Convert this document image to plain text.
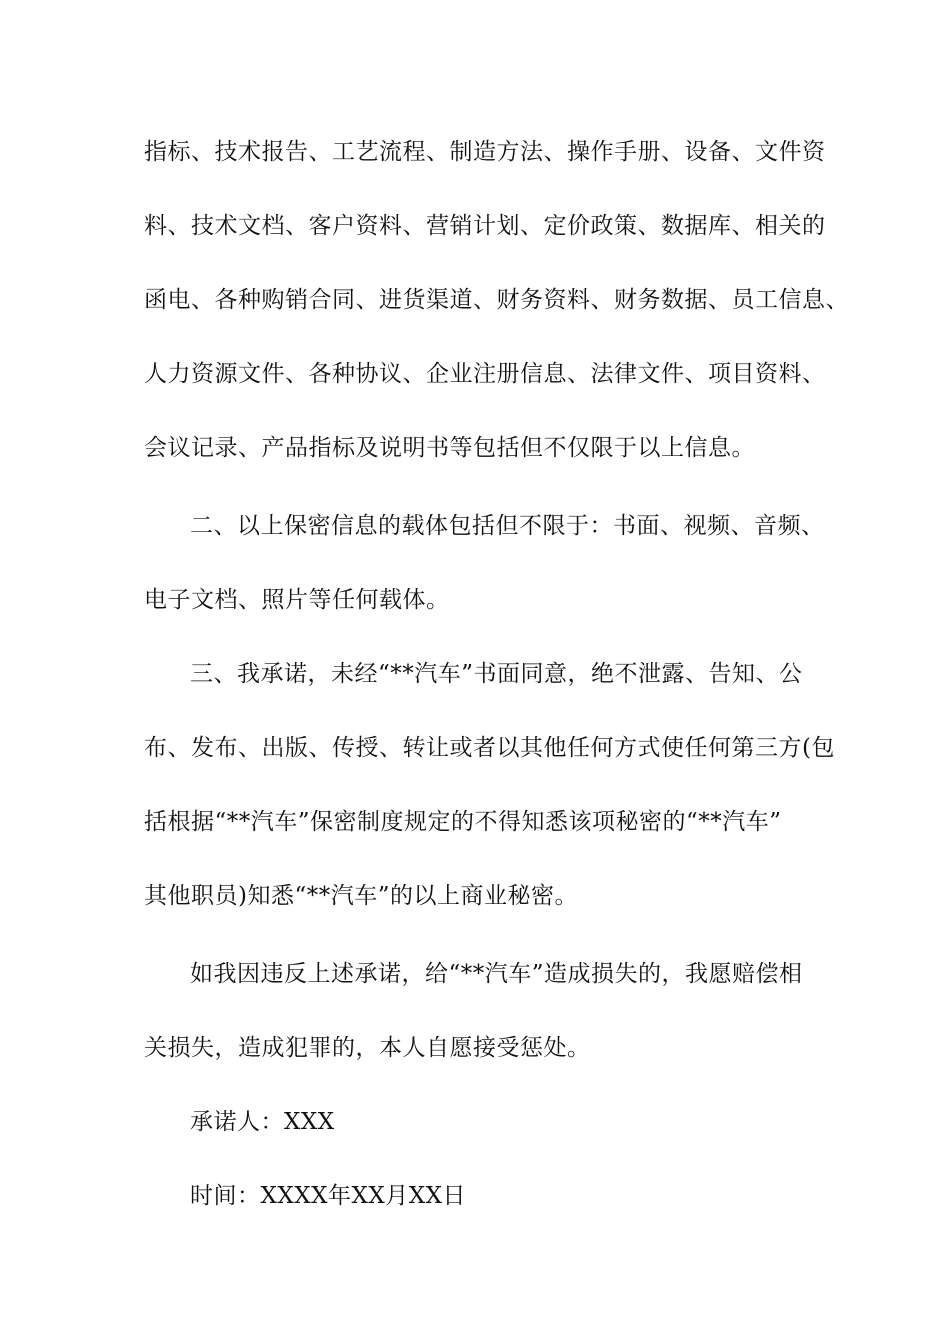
指标、技术报告、工艺流程、制造方法、操作手册、设备、文件资
料、技术文档、客户资料、营销计划、定价政策、数据库、相关的
函电、各种购销合同、进货渠道、财务资料、财务数据、员工信息、
人力资源文件、各种协议、企业注册信息、法律文件、项目资料、
会议记录、产品指标及说明书等包括但不仅限于以上信息。
二、以上保密信息的载体包括但不限于：书面、视频、音频、
电子文档、照片等任何载体。
三、我承诺，未经“**汽车”书面同意，绝不泄露、告知、公
布、发布、出版、传授、转让或者以其他任何方式使任何第三方(包
括根据“**汽车”保密制度规定的不得知悉该项秘密的“**汽车”
其他职员)知悉“**汽车”的以上商业秘密。
如我因违反上述承诺，给“**汽车”造成损失的，我愿赔偿相
关损失，造成犯罪的，本人自愿接受惩处。
承诺人：XXX
时间：XXXX年XX月XX日
